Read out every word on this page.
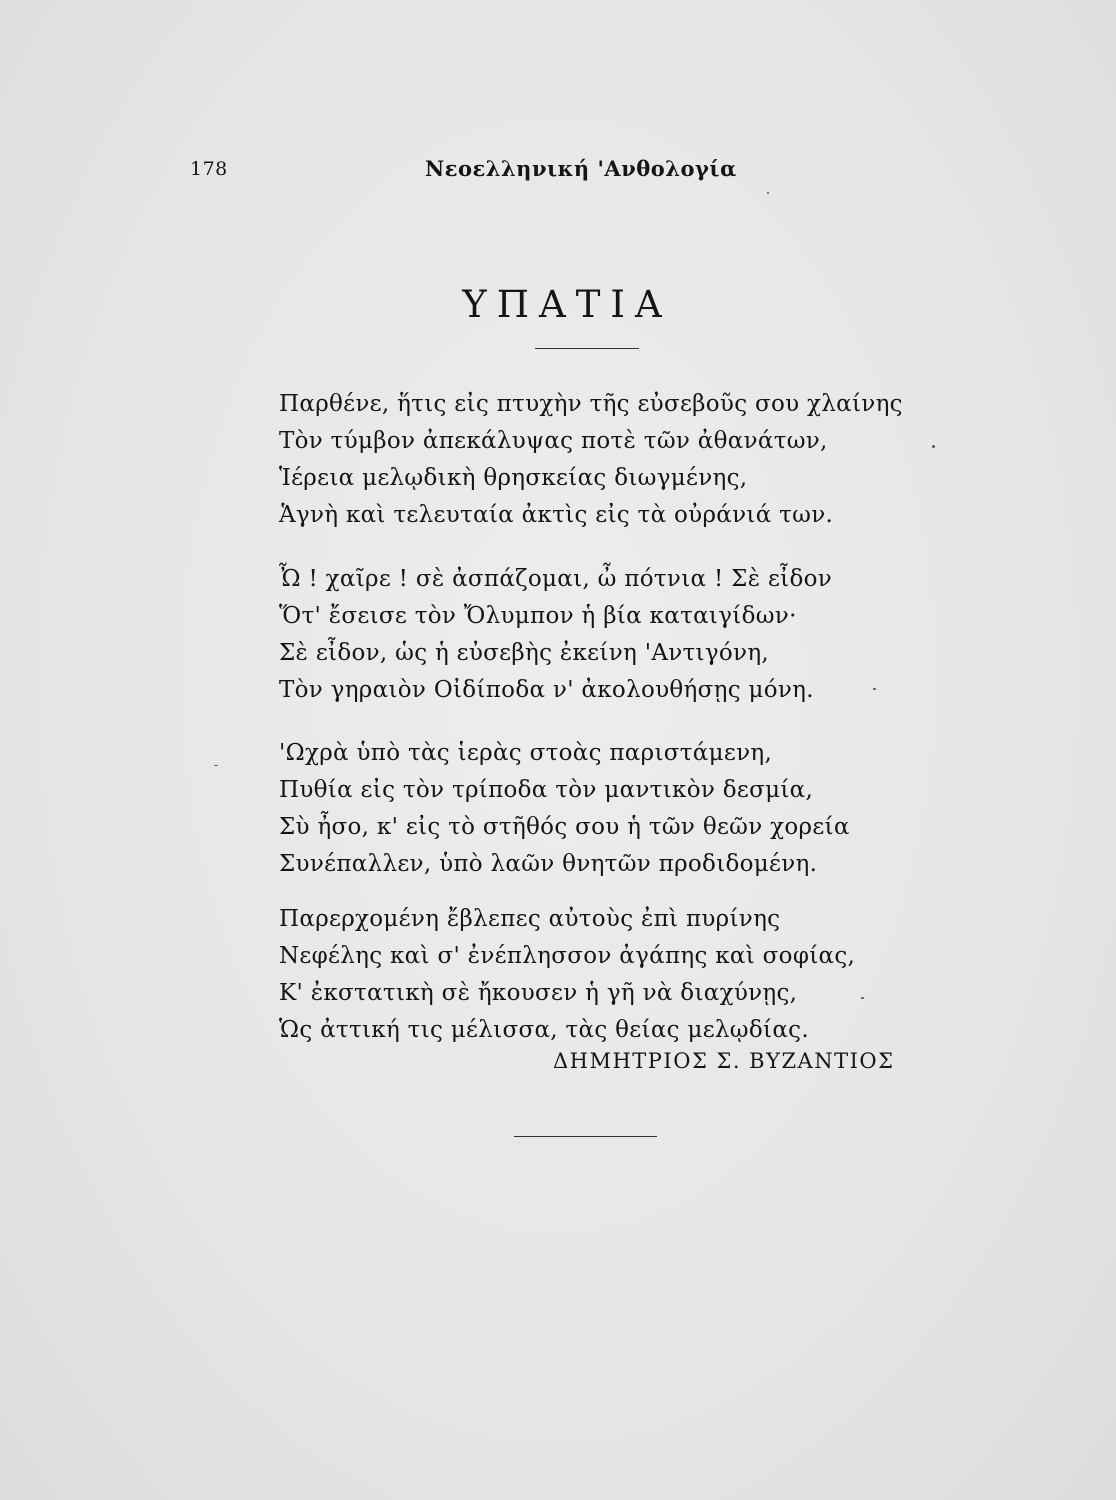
178	Νεοελληνική 'Ανθολογία
ΥΠΑΤΙΑ
Παρθένε, ἥτις εἰς πτυχὴν τῆς εὐσεβοῦς σου χλαίνης
Τὸν τύμβον ἀπεκάλυψας ποτὲ τῶν ἀθανάτων,
Ἱέρεια μελῳδικὴ θρησκείας διωγμένης,
Ἁγνὴ καὶ τελευταία ἀκτὶς εἰς τὰ οὐράνιά των.
Ὦ ! χαῖρε ! σὲ ἀσπάζομαι, ὦ πότνια ! Σὲ εἶδον
Ὅτ' ἔσεισε τὸν Ὄλυμπον ἡ βία καταιγίδων·
Σὲ εἶδον, ὡς ἡ εὐσεβὴς ἐκείνη 'Αντιγόνη,
Τὸν γηραιὸν Οἰδίποδα ν' ἀκολουθήσῃς μόνη.
'Ωχρὰ ὑπὸ τὰς ἱερὰς στοὰς παριστάμενη,
Πυθία εἰς τὸν τρίποδα τὸν μαντικὸν δεσμία,
Σὺ ἦσο, κ' εἰς τὸ στῆθός σου ἡ τῶν θεῶν χορεία
Συνέπαλλεν, ὑπὸ λαῶν θνητῶν προδιδομένη.
Παρερχομένη ἔβλεπες αὐτοὺς ἐπὶ πυρίνης
Νεφέλης καὶ σ' ἐνέπλησσον ἀγάπης καὶ σοφίας,
Κ' ἐκστατικὴ σὲ ἤκουσεν ἡ γῆ νὰ διαχύνῃς,
Ὡς ἀττική τις μέλισσα, τὰς θείας μελῳδίας.
ΔΗΜΗΤΡΙΟΣ Σ. ΒΥΖΑΝΤΙΟΣ
